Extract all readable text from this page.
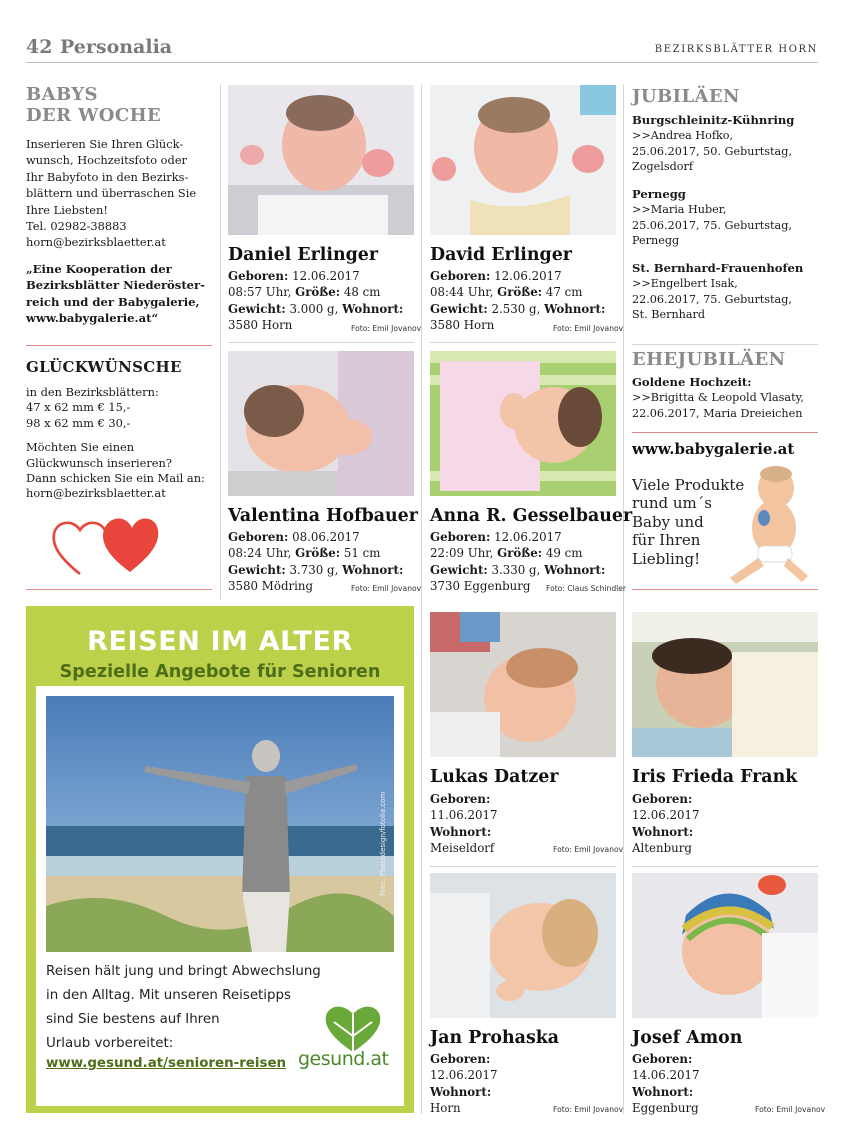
42 Personalia	BEZIRKSBLÄTTER HORN
BABYS
DER WOCHE
Inserieren Sie Ihren Glück-
wunsch, Hochzeitsfoto oder
Ihr Babyfoto in den Bezirks-
blättern und überraschen Sie
Ihre Liebsten!
Tel. 02982-38883
horn@bezirksblaetter.at
„Eine Kooperation der
Bezirksblätter Niederöster-
reich und der Babygalerie,
www.babygalerie.at“
GLÜCKWÜNSCHE
in den Bezirksblättern:
47 x 62 mm € 15,-
98 x 62 mm € 30,-
Möchten Sie einen
Glückwunsch inserieren?
Dann schicken Sie ein Mail an:
horn@bezirksblaetter.at
Daniel Erlinger
Geboren: 12.06.2017
08:57 Uhr, Größe: 48 cm
Gewicht: 3.000 g, Wohnort:
3580 Horn	Foto: Emil Jovanov
David Erlinger
Geboren: 12.06.2017
08:44 Uhr, Größe: 47 cm
Gewicht: 2.530 g, Wohnort:
3580 Horn	Foto: Emil Jovanov
Valentina Hofbauer
Geboren: 08.06.2017
08:24 Uhr, Größe: 51 cm
Gewicht: 3.730 g, Wohnort:
3580 Mödring	Foto: Emil Jovanov
Anna R. Gesselbauer
Geboren: 12.06.2017
22:09 Uhr, Größe: 49 cm
Gewicht: 3.330 g, Wohnort:
3730 Eggenburg	Foto: Claus Schindler
JUBILÄEN
Burgschleinitz-Kühnring
>>Andrea Hofko,
25.06.2017, 50. Geburtstag,
Zogelsdorf
Pernegg
>>Maria Huber,
25.06.2017, 75. Geburtstag,
Pernegg
St. Bernhard-Frauenhofen
>>Engelbert Isak,
22.06.2017, 75. Geburtstag,
St. Bernhard
EHEJUBILÄEN
Goldene Hochzeit:
>>Brigitta & Leopold Vlasaty,
22.06.2017, Maria Dreieichen
www.babygalerie.at
Viele Produkte
rund um´s
Baby und
für Ihren
Liebling!
REISEN IM ALTER
Spezielle Angebote für Senioren
Foto: Photodesign/fotolia.com
Reisen hält jung und bringt Abwechslung
in den Alltag. Mit unseren Reisetipps
sind Sie bestens auf Ihren
Urlaub vorbereitet:
www.gesund.at/senioren-reisen gesund.at
Lukas Datzer
Geboren:
11.06.2017
Wohnort:
Meiseldorf	Foto: Emil Jovanov
Iris Frieda Frank
Geboren:
12.06.2017
Wohnort:
Altenburg
Jan Prohaska
Geboren:
12.06.2017
Wohnort:
Horn	Foto: Emil Jovanov
Josef Amon
Geboren:
14.06.2017
Wohnort:
Eggenburg	Foto: Emil Jovanov
